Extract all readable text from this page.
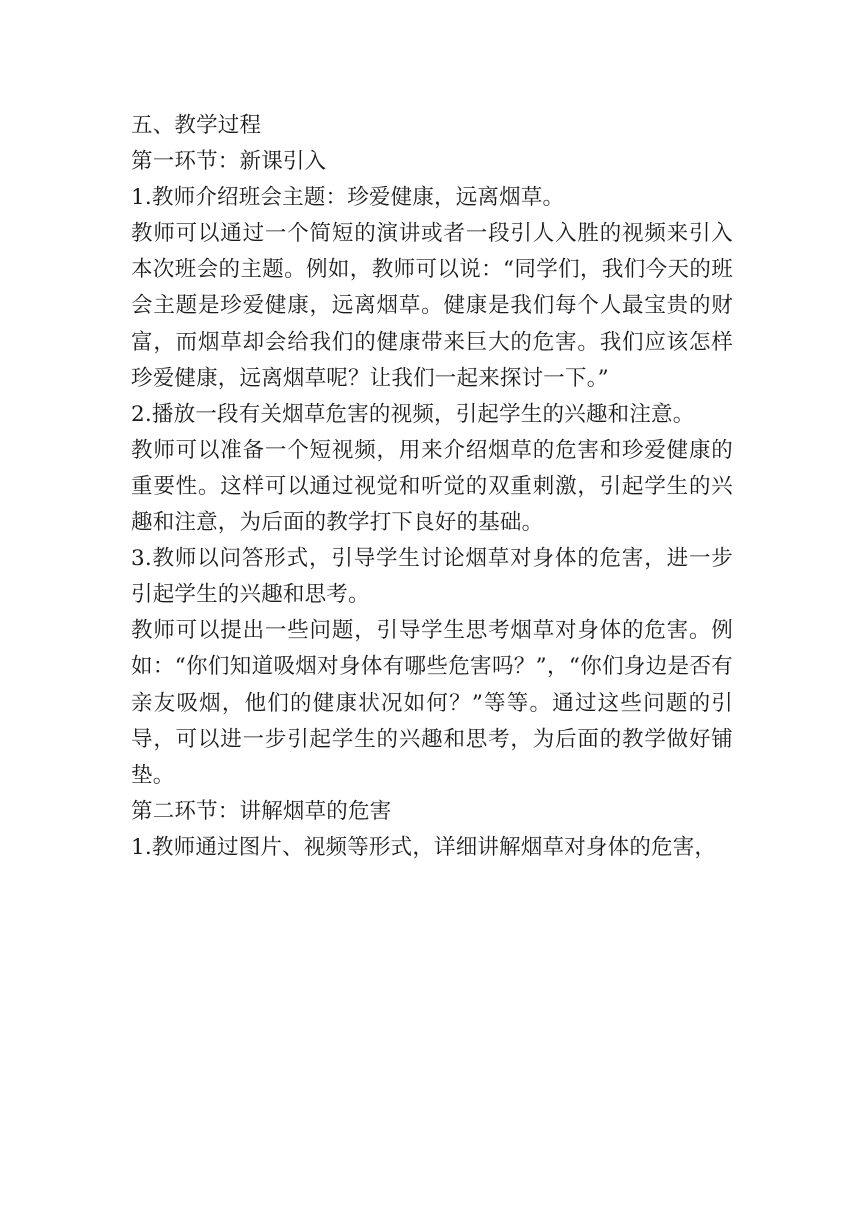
五、教学过程

第一环节：新课引入

1.教师介绍班会主题：珍爱健康，远离烟草。

教师可以通过一个简短的演讲或者一段引人入胜的视频来引入本次班会的主题。例如，教师可以说：“同学们，我们今天的班会主题是珍爱健康，远离烟草。健康是我们每个人最宝贵的财富，而烟草却会给我们的健康带来巨大的危害。我们应该怎样珍爱健康，远离烟草呢？让我们一起来探讨一下。”

2.播放一段有关烟草危害的视频，引起学生的兴趣和注意。

教师可以准备一个短视频，用来介绍烟草的危害和珍爱健康的重要性。这样可以通过视觉和听觉的双重刺激，引起学生的兴趣和注意，为后面的教学打下良好的基础。

3.教师以问答形式，引导学生讨论烟草对身体的危害，进一步引起学生的兴趣和思考。

教师可以提出一些问题，引导学生思考烟草对身体的危害。例如：“你们知道吸烟对身体有哪些危害吗？”，“你们身边是否有亲友吸烟，他们的健康状况如何？”等等。通过这些问题的引导，可以进一步引起学生的兴趣和思考，为后面的教学做好铺垫。

第二环节：讲解烟草的危害

1.教师通过图片、视频等形式，详细讲解烟草对身体的危害，
